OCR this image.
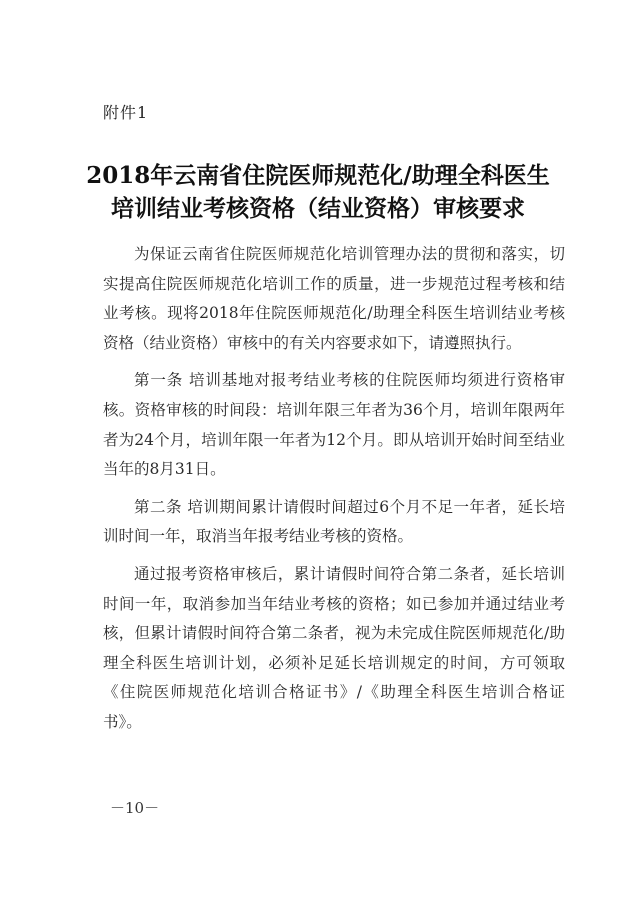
附件1
2018年云南省住院医师规范化/助理全科医生
培训结业考核资格（结业资格）审核要求

为保证云南省住院医师规范化培训管理办法的贯彻和落实，切实提高住院医师规范化培训工作的质量，进一步规范过程考核和结业考核。现将2018年住院医师规范化/助理全科医生培训结业考核资格（结业资格）审核中的有关内容要求如下，请遵照执行。

第一条 培训基地对报考结业考核的住院医师均须进行资格审核。资格审核的时间段：培训年限三年者为36个月，培训年限两年者为24个月，培训年限一年者为12个月。即从培训开始时间至结业当年的8月31日。

第二条 培训期间累计请假时间超过6个月不足一年者，延长培训时间一年，取消当年报考结业考核的资格。

通过报考资格审核后，累计请假时间符合第二条者，延长培训时间一年，取消参加当年结业考核的资格；如已参加并通过结业考核，但累计请假时间符合第二条者，视为未完成住院医师规范化/助理全科医生培训计划，必须补足延长培训规定的时间，方可领取《住院医师规范化培训合格证书》/《助理全科医生培训合格证书》。

－10－
